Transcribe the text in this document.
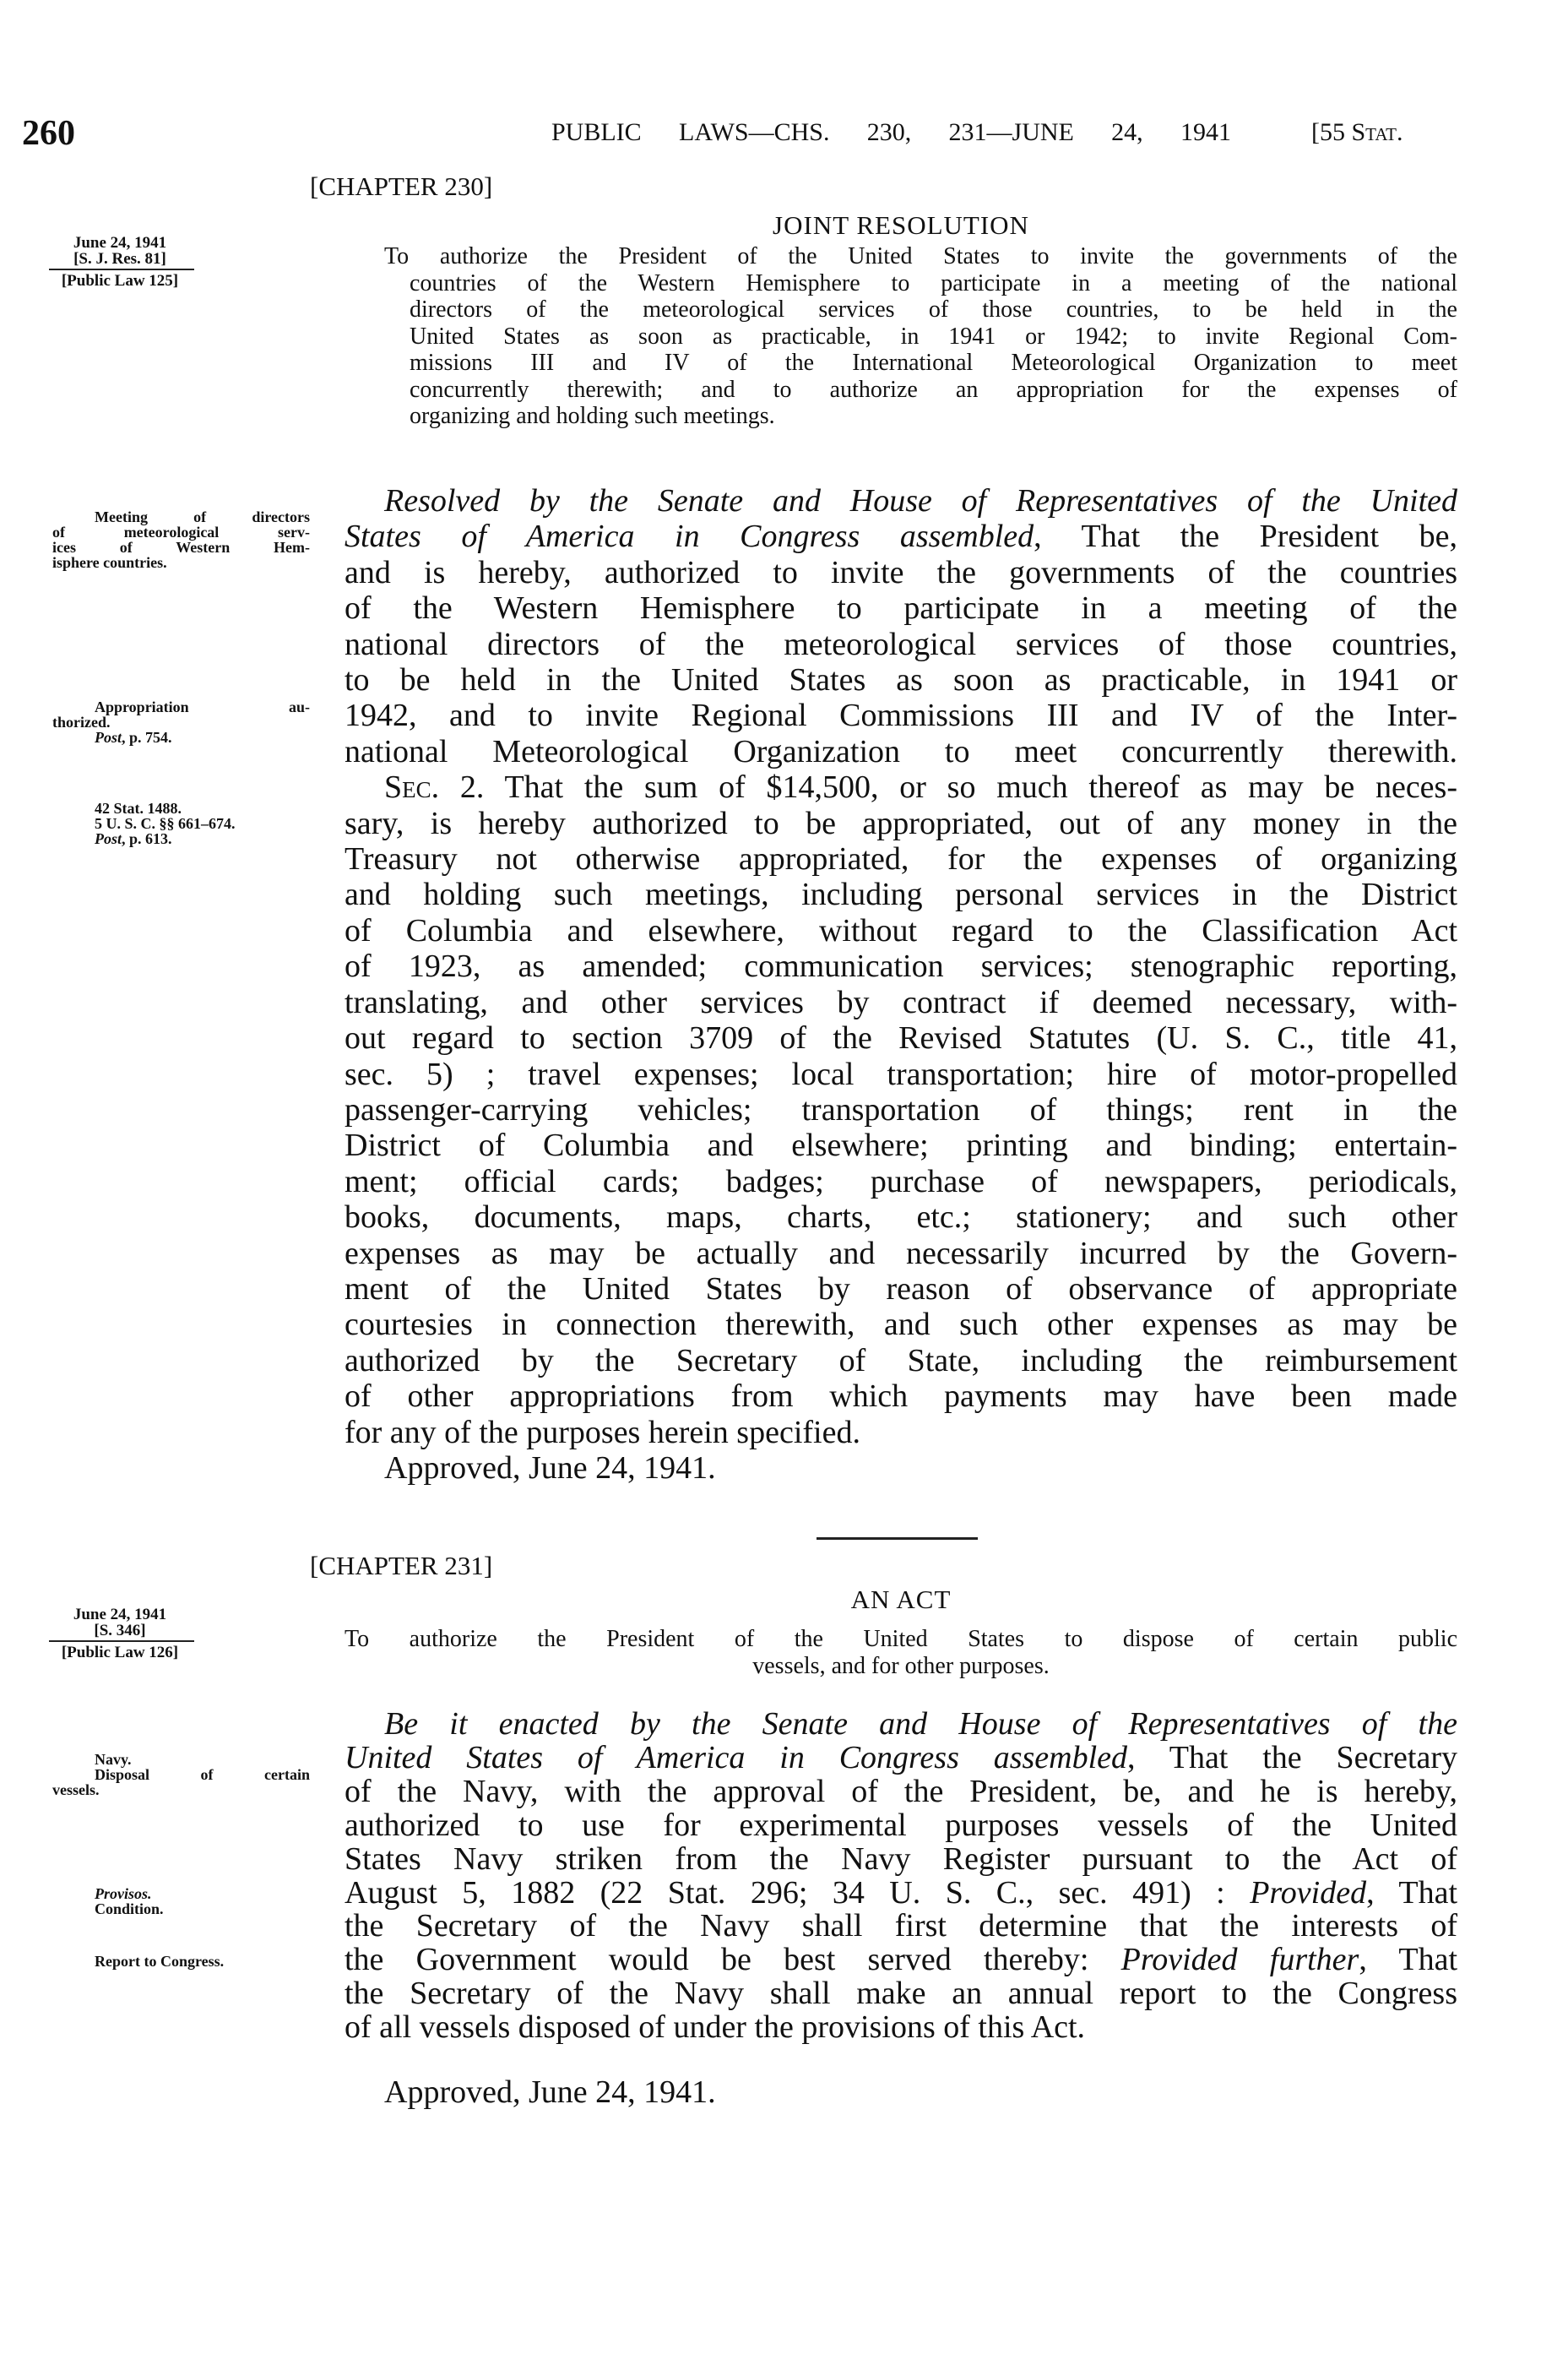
260	PUBLIC LAWS—CHS. 230, 231—JUNE 24, 1941	[55 Stat.
[CHAPTER 230]
JOINT RESOLUTION
June 24, 1941
[S. J. Res. 81]
[Public Law 125]
To authorize the President of the United States to invite the governments of the
countries of the Western Hemisphere to participate in a meeting of the national
directors of the meteorological services of those countries, to be held in the
United States as soon as practicable, in 1941 or 1942; to invite Regional Com-
missions III and IV of the International Meteorological Organization to meet
concurrently therewith; and to authorize an appropriation for the expenses of
organizing and holding such meetings.
Resolved by the Senate and House of Representatives of the United
States of America in Congress assembled, That the President be,
and is hereby, authorized to invite the governments of the countries
of the Western Hemisphere to participate in a meeting of the
national directors of the meteorological services of those countries,
to be held in the United States as soon as practicable, in 1941 or
1942, and to invite Regional Commissions III and IV of the Inter-
national Meteorological Organization to meet concurrently therewith.
Sec. 2. That the sum of $14,500, or so much thereof as may be neces-
sary, is hereby authorized to be appropriated, out of any money in the
Treasury not otherwise appropriated, for the expenses of organizing
and holding such meetings, including personal services in the District
of Columbia and elsewhere, without regard to the Classification Act
of 1923, as amended; communication services; stenographic reporting,
translating, and other services by contract if deemed necessary, with-
out regard to section 3709 of the Revised Statutes (U. S. C., title 41,
sec. 5) ; travel expenses; local transportation; hire of motor-propelled
passenger-carrying vehicles; transportation of things; rent in the
District of Columbia and elsewhere; printing and binding; entertain-
ment; official cards; badges; purchase of newspapers, periodicals,
books, documents, maps, charts, etc.; stationery; and such other
expenses as may be actually and necessarily incurred by the Govern-
ment of the United States by reason of observance of appropriate
courtesies in connection therewith, and such other expenses as may be
authorized by the Secretary of State, including the reimbursement
of other appropriations from which payments may have been made
for any of the purposes herein specified.
Approved, June 24, 1941.
Meeting of directors
of meteorological serv-
ices of Western Hem-
isphere countries.
Appropriation au-
thorized.
Post, p. 754.
42 Stat. 1488.
5 U. S. C. §§ 661–674.
Post, p. 613.
[CHAPTER 231]
AN ACT
June 24, 1941
[S. 346]
[Public Law 126]
To authorize the President of the United States to dispose of certain public
vessels, and for other purposes.
Be it enacted by the Senate and House of Representatives of the
United States of America in Congress assembled, That the Secretary
of the Navy, with the approval of the President, be, and he is hereby,
authorized to use for experimental purposes vessels of the United
States Navy striken from the Navy Register pursuant to the Act of
August 5, 1882 (22 Stat. 296; 34 U. S. C., sec. 491) : Provided, That
the Secretary of the Navy shall first determine that the interests of
the Government would be best served thereby: Provided further, That
the Secretary of the Navy shall make an annual report to the Congress
of all vessels disposed of under the provisions of this Act.
Approved, June 24, 1941.
Navy.
Disposal of certain
vessels.
Provisos.
Condition.
Report to Congress.
